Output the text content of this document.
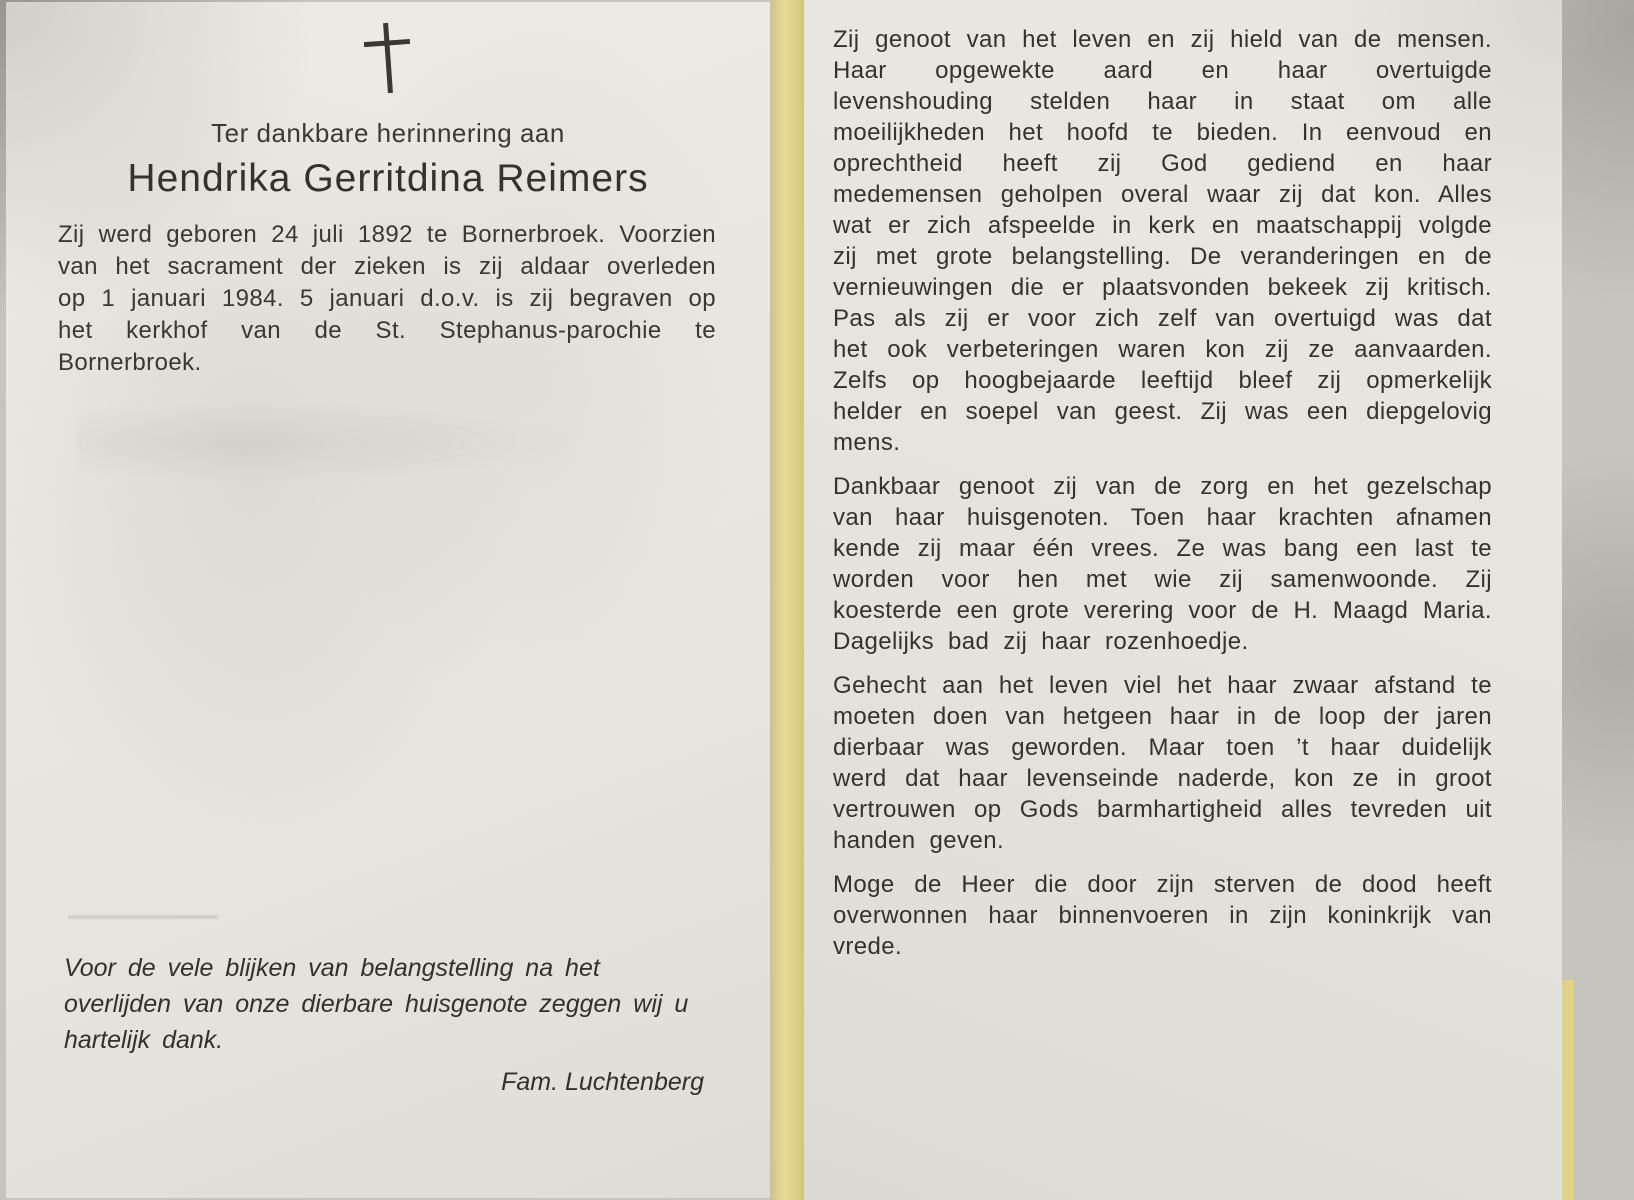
Ter dankbare herinnering aan
Hendrika Gerritdina Reimers
Zij werd geboren 24 juli 1892 te Bornerbroek. Voorzien van het sacrament der zieken is zij aldaar overleden op 1 januari 1984. 5 januari d.o.v. is zij begraven op het kerkhof van de St. Stephanus-parochie te Bornerbroek.
Voor de vele blijken van belangstelling na het overlijden van onze dierbare huisgenote zeggen wij u hartelijk dank.
Fam. Luchtenberg

Zij genoot van het leven en zij hield van de mensen. Haar opgewekte aard en haar overtuigde levenshouding stelden haar in staat om alle moeilijkheden het hoofd te bieden. In eenvoud en oprechtheid heeft zij God gediend en haar medemensen geholpen overal waar zij dat kon. Alles wat er zich afspeelde in kerk en maatschappij volgde zij met grote belangstelling. De veranderingen en de vernieuwingen die er plaatsvonden bekeek zij kritisch. Pas als zij er voor zich zelf van overtuigd was dat het ook verbeteringen waren kon zij ze aanvaarden. Zelfs op hoogbejaarde leeftijd bleef zij opmerkelijk helder en soepel van geest. Zij was een diepgelovig mens.

Dankbaar genoot zij van de zorg en het gezelschap van haar huisgenoten. Toen haar krachten afnamen kende zij maar één vrees. Ze was bang een last te worden voor hen met wie zij samenwoonde. Zij koesterde een grote verering voor de H. Maagd Maria. Dagelijks bad zij haar rozenhoedje.

Gehecht aan het leven viel het haar zwaar afstand te moeten doen van hetgeen haar in de loop der jaren dierbaar was geworden. Maar toen ’t haar duidelijk werd dat haar levenseinde naderde, kon ze in groot vertrouwen op Gods barmhartigheid alles tevreden uit handen geven.

Moge de Heer die door zijn sterven de dood heeft overwonnen haar binnenvoeren in zijn koninkrijk van vrede.
